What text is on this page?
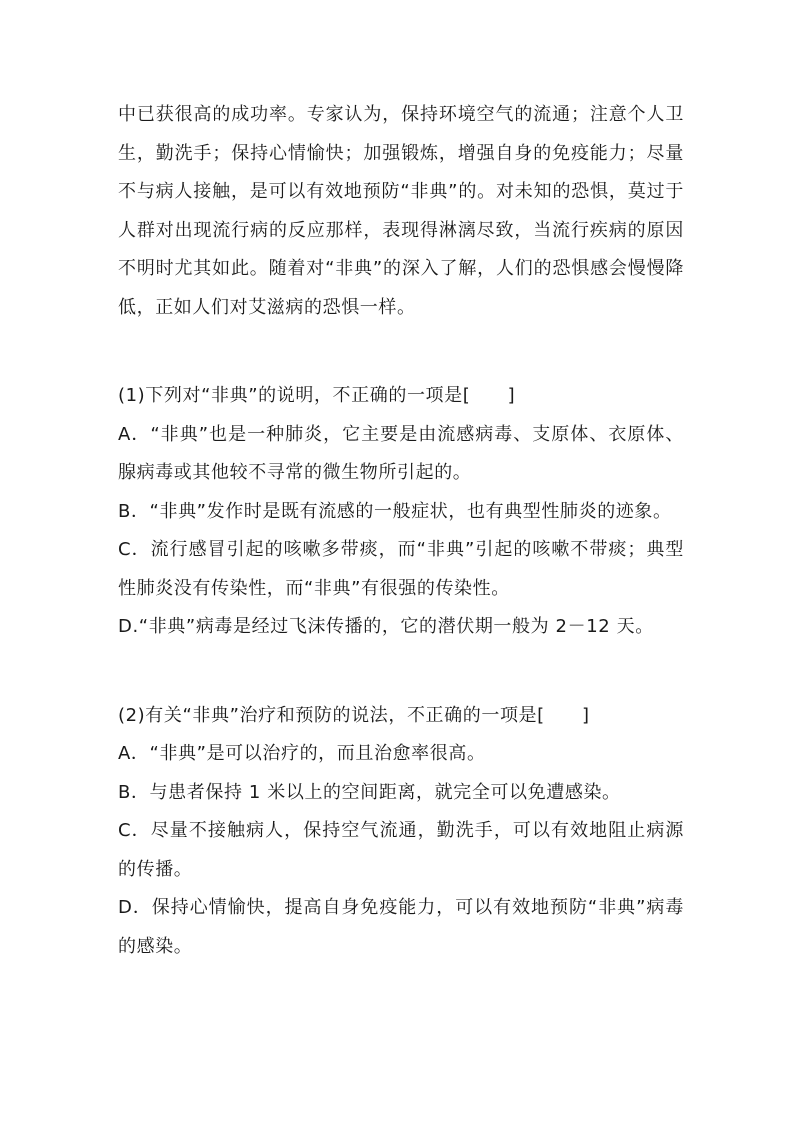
中已获很高的成功率。专家认为，保持环境空气的流通；注意个人卫生，勤洗手；保持心情愉快；加强锻炼，增强自身的免疫能力；尽量不与病人接触，是可以有效地预防“非典”的。对未知的恐惧，莫过于人群对出现流行病的反应那样，表现得淋漓尽致，当流行疾病的原因不明时尤其如此。随着对“非典”的深入了解，人们的恐惧感会慢慢降低，正如人们对艾滋病的恐惧一样。

(1)下列对“非典”的说明，不正确的一项是[　　]

A．“非典”也是一种肺炎，它主要是由流感病毒、支原体、衣原体、腺病毒或其他较不寻常的微生物所引起的。

B．“非典”发作时是既有流感的一般症状，也有典型性肺炎的迹象。

C．流行感冒引起的咳嗽多带痰，而“非典”引起的咳嗽不带痰；典型性肺炎没有传染性，而“非典”有很强的传染性。

D.“非典”病毒是经过飞沫传播的，它的潜伏期一般为 2－12 天。

(2)有关“非典”治疗和预防的说法，不正确的一项是[　　]

A．“非典”是可以治疗的，而且治愈率很高。

B．与患者保持 1 米以上的空间距离，就完全可以免遭感染。

C．尽量不接触病人，保持空气流通，勤洗手，可以有效地阻止病源的传播。

D．保持心情愉快，提高自身免疫能力，可以有效地预防“非典”病毒的感染。
